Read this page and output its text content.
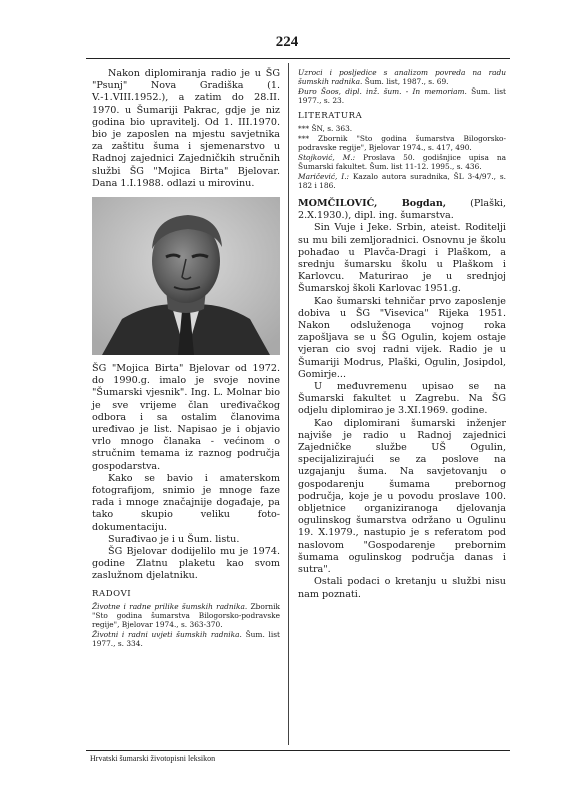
224

Nakon diplomiranja radio je u ŠG "Psunj" Nova Gradiška (1. V.-1.VIII.1952.), a zatim do 28.II. 1970. u Šumariji Pakrac, gdje je niz godina bio upravitelj. Od 1. III.1970. bio je zaposlen na mjestu savjetnika za zaštitu šuma i sjemenarstvo u Radnoj zajednici Zajedničkih stručnih službi ŠG "Mojica Birta" Bjelovar. Dana 1.I.1988. odlazi u mirovinu.

ŠG "Mojica Birta" Bjelovar od 1972. do 1990.g. imalo je svoje novine "Šumarski vjesnik". Ing. L. Molnar bio je sve vrijeme član uređivačkog odbora i sa ostalim članovima uređivao je list. Napisao je i objavio vrlo mnogo članaka - većinom o stručnim temama iz raznog područja gospodarstva.

Kako se bavio i amaterskom fotografijom, snimio je mnoge faze rada i mnoge značajnije događaje, pa tako skupio veliku foto-dokumentaciju.

Surađivao je i u Šum. listu.

ŠG Bjelovar dodijelilo mu je 1974. godine Zlatnu plaketu kao svom zaslužnom djelatniku.

RADOVI

Životne i radne prilike šumskih radnika. Zbornik "Sto godina šumarstva Bilogorsko-podravske regije", Bjelovar 1974., s. 363-370.

Životni i radni uvjeti šumskih radnika. Šum. list 1977., s. 334.

Uzroci i posljedice s analizom povreda na radu šumskih radnika. Šum. list, 1987., s. 69.

Đuro Šoos, dipl. inž. šum. - In memoriam. Šum. list 1977., s. 23.

LITERATURA

*** ŠN, s. 363.

*** Zbornik "Sto godina šumarstva Bilogorsko-podravske regije", Bjelovar 1974., s. 417, 490.

Stojković, M.: Proslava 50. godišnjice upisa na Šumarski fakultet. Šum. list 11-12. 1995., s. 436.

Maričević, I.: Kazalo autora suradnika, ŠL 3-4/97., s. 182 i 186.

MOMČILOVIĆ, Bogdan, (Plaški, 2.X.1930.), dipl. ing. šumarstva.

Sin Vuje i Jeke. Srbin, ateist. Roditelji su mu bili zemljoradnici. Osnovnu je školu pohađao u Plavča-Dragi i Plaškom, a srednju šumarsku školu u Plaškom i Karlovcu. Maturirao je u srednjoj Šumarskoj školi Karlovac 1951.g.

Kao šumarski tehničar prvo zaposlenje dobiva u ŠG "Visevica" Rijeka 1951. Nakon odsluženoga vojnog roka zapošljava se u ŠG Ogulin, kojem ostaje vjeran cio svoj radni vijek. Radio je u Šumariji Modrus, Plaški, Ogulin, Josipdol, Gomirje...

U međuvremenu upisao se na Šumarski fakultet u Zagrebu. Na ŠG odjelu diplomirao je 3.XI.1969. godine.

Kao diplomirani šumarski inženjer najviše je radio u Radnoj zajednici Zajedničke službe UŠ Ogulin, specijalizirajući se za poslove na uzgajanju šuma. Na savjetovanju o gospodarenju šumama prebornog područja, koje je u povodu proslave 100. obljetnice organiziranoga djelovanja ogulinskog šumarstva održano u Ogulinu 19. X.1979., nastupio je s referatom pod naslovom "Gospodarenje prebornim šumama ogulinskog područja danas i sutra".

Ostali podaci o kretanju u službi nisu nam poznati.

Hrvatski šumarski životopisni leksikon
